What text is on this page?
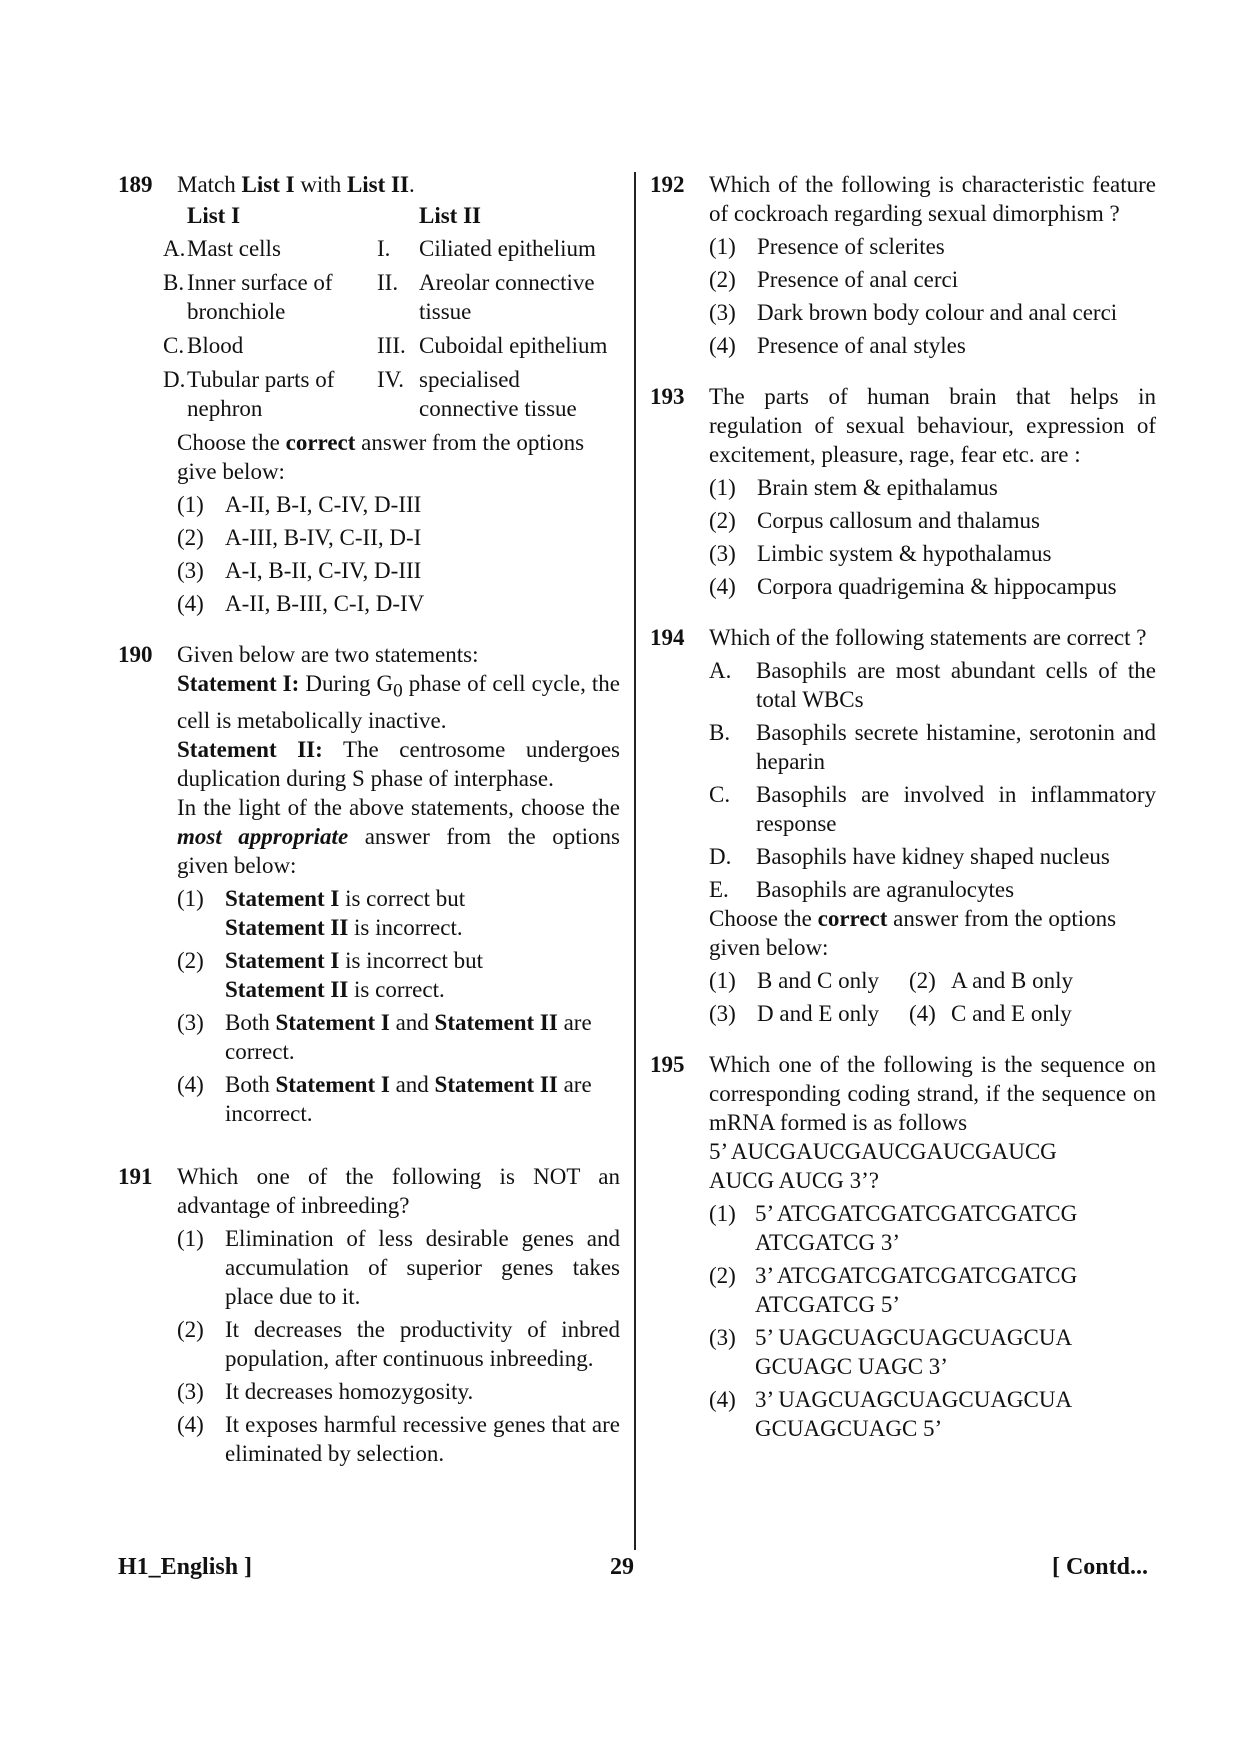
189 Match List I with List II.

	List I		List II
A.	Mast cells	I.	Ciliated epithelium
B.	Inner surface of bronchiole	II.	Areolar connective tissue
C.	Blood	III.	Cuboidal epithelium
D.	Tubular parts of nephron	IV.	specialised connective tissue

Choose the correct answer from the options give below:

(1) A-II, B-I, C-IV, D-III
(2) A-III, B-IV, C-II, D-I
(3) A-I, B-II, C-IV, D-III
(4) A-II, B-III, C-I, D-IV
190 Given below are two statements:

Statement I: During $G_0$ phase of cell cycle, the cell is metabolically inactive.

Statement II: The centrosome undergoes duplication during S phase of interphase.

In the light of the above statements, choose the most appropriate answer from the options given below:

(1) Statement I is correct but
Statement II is incorrect.
(2) Statement I is incorrect but
Statement II is correct.
(3) Both Statement I and Statement II are correct.
(4) Both Statement I and Statement II are incorrect.
191 Which one of the following is NOT an advantage of inbreeding?

(1) Elimination of less desirable genes and accumulation of superior genes takes place due to it.
(2) It decreases the productivity of inbred population, after continuous inbreeding.
(3) It decreases homozygosity.
(4) It exposes harmful recessive genes that are eliminated by selection.
192 Which of the following is characteristic feature of cockroach regarding sexual dimorphism ?

(1) Presence of sclerites
(2) Presence of anal cerci
(3) Dark brown body colour and anal cerci
(4) Presence of anal styles
193 The parts of human brain that helps in regulation of sexual behaviour, expression of excitement, pleasure, rage, fear etc. are :

(1) Brain stem & epithalamus
(2) Corpus callosum and thalamus
(3) Limbic system & hypothalamus
(4) Corpora quadrigemina & hippocampus
194 Which of the following statements are correct ?

A.	Basophils are most abundant cells of the total WBCs
B.	Basophils secrete histamine, serotonin and heparin
C.	Basophils are involved in inflammatory response
D.	Basophils have kidney shaped nucleus
E.	Basophils are agranulocytes

Choose the correct answer from the options given below:

(1) B and C only (2) A and B only
(3) D and E only (4) C and E only
195 Which one of the following is the sequence on corresponding coding strand, if the sequence on mRNA formed is as follows

5’ AUCGAUCGAUCGAUCGAUCG
AUCG AUCG 3’?

(1) 5’ ATCGATCGATCGATCGATCG
ATCGATCG 3’
(2) 3’ ATCGATCGATCGATCGATCG
ATCGATCG 5’
(3) 5’ UAGCUAGCUAGCUAGCUA
GCUAGC UAGC 3’
(4) 3’ UAGCUAGCUAGCUAGCUA
GCUAGCUAGC 5’
H1_English ]	29	[ Contd...
